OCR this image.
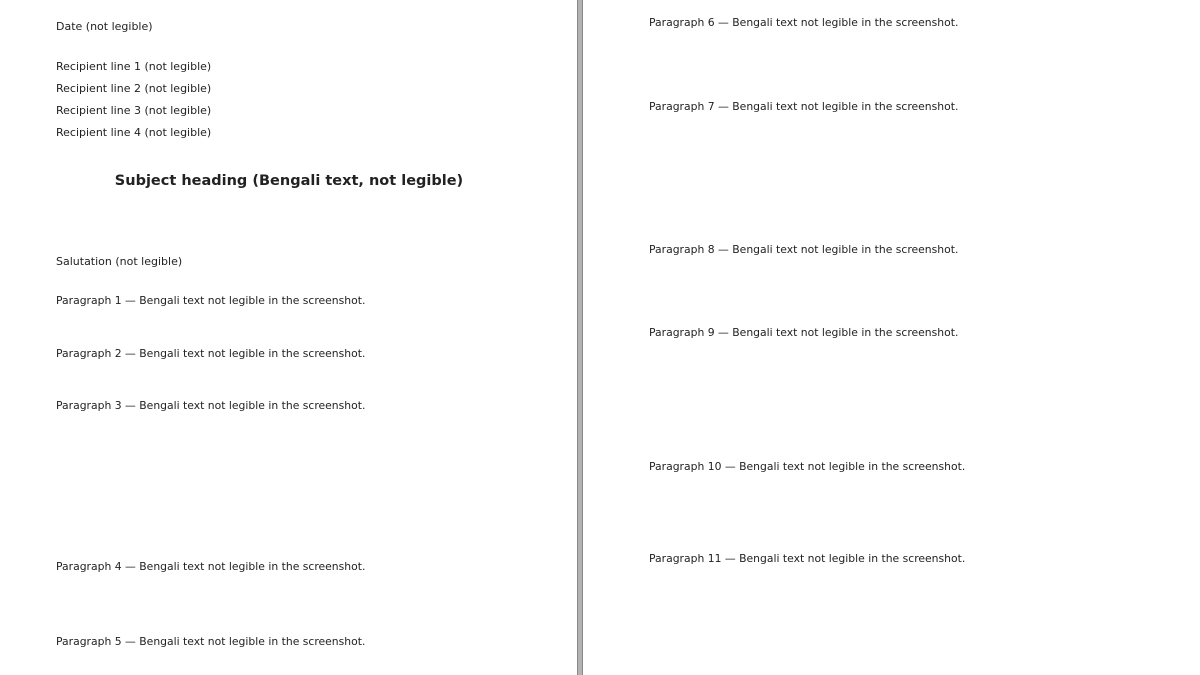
Date (not legible)
Recipient line 1 (not legible)
Recipient line 2 (not legible)
Recipient line 3 (not legible)
Recipient line 4 (not legible)
Subject heading (Bengali text, not legible)
Salutation (not legible)
Paragraph 1 — Bengali text not legible in the screenshot.
Paragraph 2 — Bengali text not legible in the screenshot.
Paragraph 3 — Bengali text not legible in the screenshot.
Paragraph 4 — Bengali text not legible in the screenshot.
Paragraph 5 — Bengali text not legible in the screenshot.
Paragraph 6 — Bengali text not legible in the screenshot.
Paragraph 7 — Bengali text not legible in the screenshot.
Paragraph 8 — Bengali text not legible in the screenshot.
Paragraph 9 — Bengali text not legible in the screenshot.
Paragraph 10 — Bengali text not legible in the screenshot.
Paragraph 11 — Bengali text not legible in the screenshot.
